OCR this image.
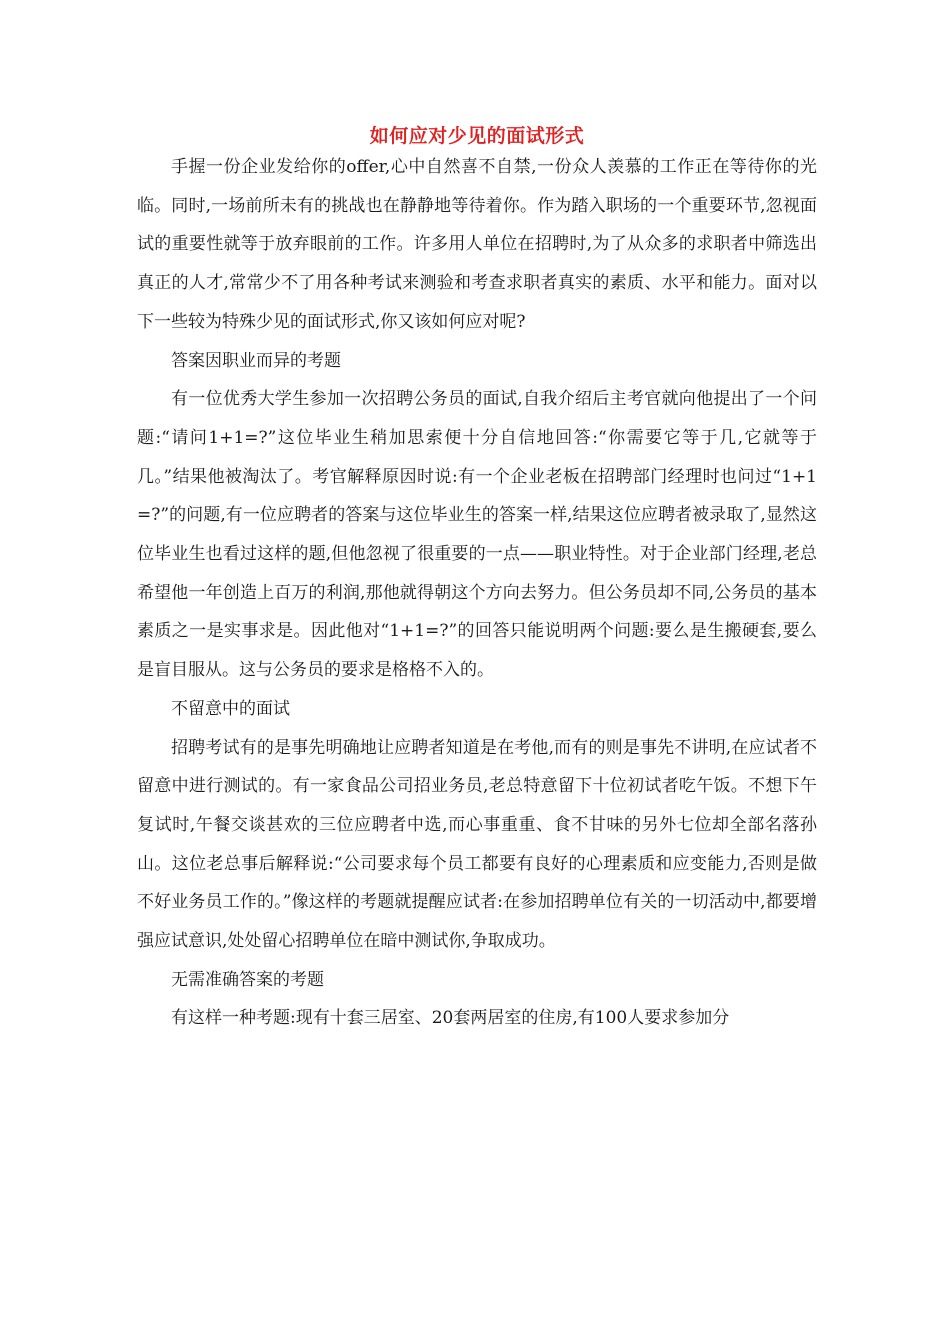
如何应对少见的面试形式

手握一份企业发给你的offer,心中自然喜不自禁,一份众人羡慕的工作正在等待你的光临。同时,一场前所未有的挑战也在静静地等待着你。作为踏入职场的一个重要环节,忽视面试的重要性就等于放弃眼前的工作。许多用人单位在招聘时,为了从众多的求职者中筛选出真正的人才,常常少不了用各种考试来测验和考查求职者真实的素质、水平和能力。面对以下一些较为特殊少见的面试形式,你又该如何应对呢?

答案因职业而异的考题

有一位优秀大学生参加一次招聘公务员的面试,自我介绍后主考官就向他提出了一个问题:“请问1+1=?”这位毕业生稍加思索便十分自信地回答:“你需要它等于几,它就等于几。”结果他被淘汰了。考官解释原因时说:有一个企业老板在招聘部门经理时也问过“1+1=?”的问题,有一位应聘者的答案与这位毕业生的答案一样,结果这位应聘者被录取了,显然这位毕业生也看过这样的题,但他忽视了很重要的一点——职业特性。对于企业部门经理,老总希望他一年创造上百万的利润,那他就得朝这个方向去努力。但公务员却不同,公务员的基本素质之一是实事求是。因此他对“1+1=?”的回答只能说明两个问题:要么是生搬硬套,要么是盲目服从。这与公务员的要求是格格不入的。

不留意中的面试

招聘考试有的是事先明确地让应聘者知道是在考他,而有的则是事先不讲明,在应试者不留意中进行测试的。有一家食品公司招业务员,老总特意留下十位初试者吃午饭。不想下午复试时,午餐交谈甚欢的三位应聘者中选,而心事重重、食不甘味的另外七位却全部名落孙山。这位老总事后解释说:“公司要求每个员工都要有良好的心理素质和应变能力,否则是做不好业务员工作的。”像这样的考题就提醒应试者:在参加招聘单位有关的一切活动中,都要增强应试意识,处处留心招聘单位在暗中测试你,争取成功。

无需准确答案的考题

有这样一种考题:现有十套三居室、20套两居室的住房,有100人要求参加分
